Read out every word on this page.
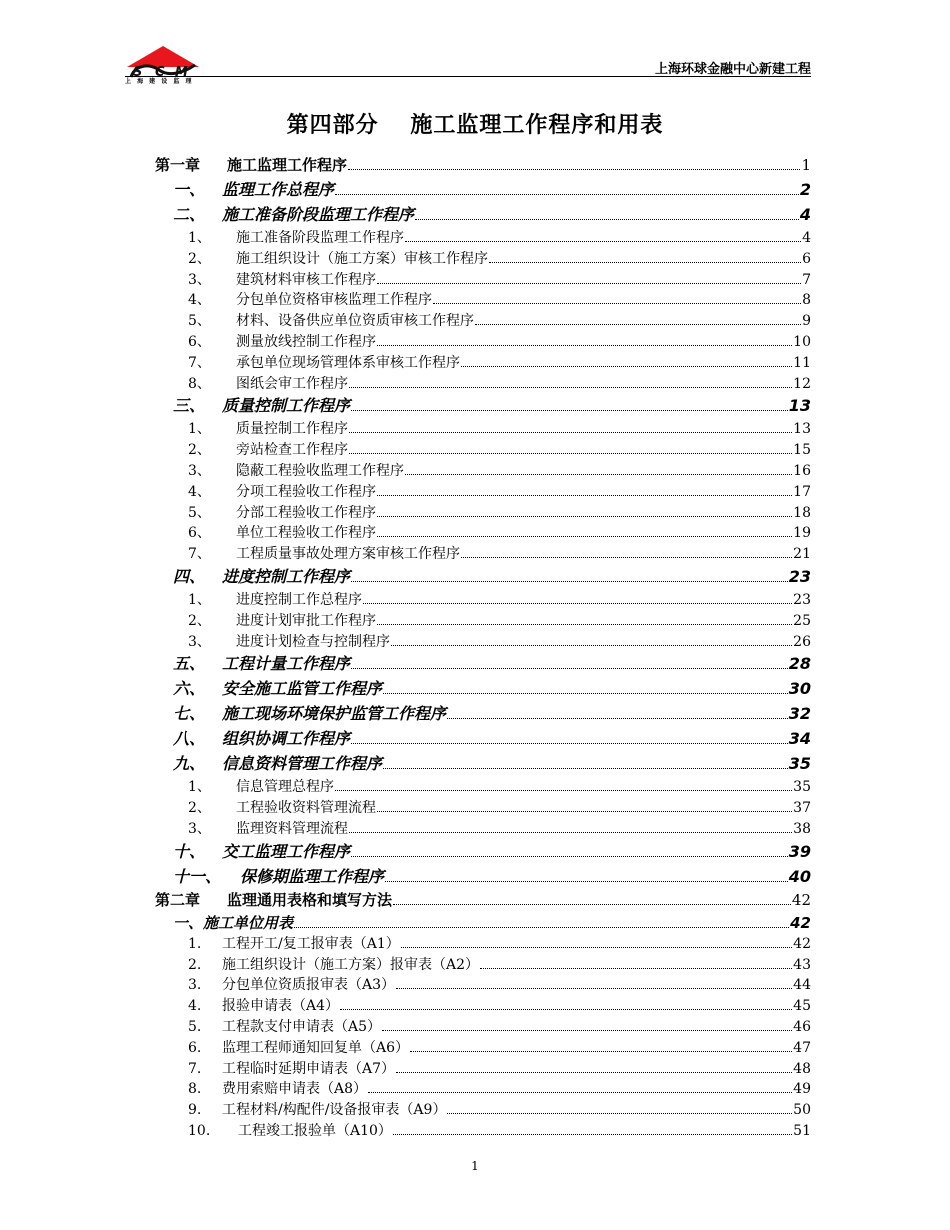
S C M
上 海 建 设 监 理
上海环球金融中心新建工程
第四部分　 施工监理工作程序和用表
第一章	施工监理工作程序	1
一、	监理工作总程序	2
二、	施工准备阶段监理工作程序	4
1、	施工准备阶段监理工作程序	4
2、	施工组织设计（施工方案）审核工作程序	6
3、	建筑材料审核工作程序	7
4、	分包单位资格审核监理工作程序	8
5、	材料、设备供应单位资质审核工作程序	9
6、	测量放线控制工作程序	10
7、	承包单位现场管理体系审核工作程序	11
8、	图纸会审工作程序	12
三、	质量控制工作程序	13
1、	质量控制工作程序	13
2、	旁站检查工作程序	15
3、	隐蔽工程验收监理工作程序	16
4、	分项工程验收工作程序	17
5、	分部工程验收工作程序	18
6、	单位工程验收工作程序	19
7、	工程质量事故处理方案审核工作程序	21
四、	进度控制工作程序	23
1、	进度控制工作总程序	23
2、	进度计划审批工作程序	25
3、	进度计划检查与控制程序	26
五、	工程计量工作程序	28
六、	安全施工监管工作程序	30
七、	施工现场环境保护监管工作程序	32
八、	组织协调工作程序	34
九、	信息资料管理工作程序	35
1、	信息管理总程序	35
2、	工程验收资料管理流程	37
3、	监理资料管理流程	38
十、	交工监理工作程序	39
十一、	保修期监理工作程序	40
第二章	监理通用表格和填写方法	42
一、 施工单位用表	42
1.	工程开工/复工报审表（A1）	42
2.	施工组织设计（施工方案）报审表（A2）	43
3.	分包单位资质报审表（A3）	44
4.	报验申请表（A4）	45
5.	工程款支付申请表（A5）	46
6.	监理工程师通知回复单（A6）	47
7.	工程临时延期申请表（A7）	48
8.	费用索赔申请表（A8）	49
9.	工程材料/构配件/设备报审表（A9）	50
10.	工程竣工报验单（A10）	51
1
